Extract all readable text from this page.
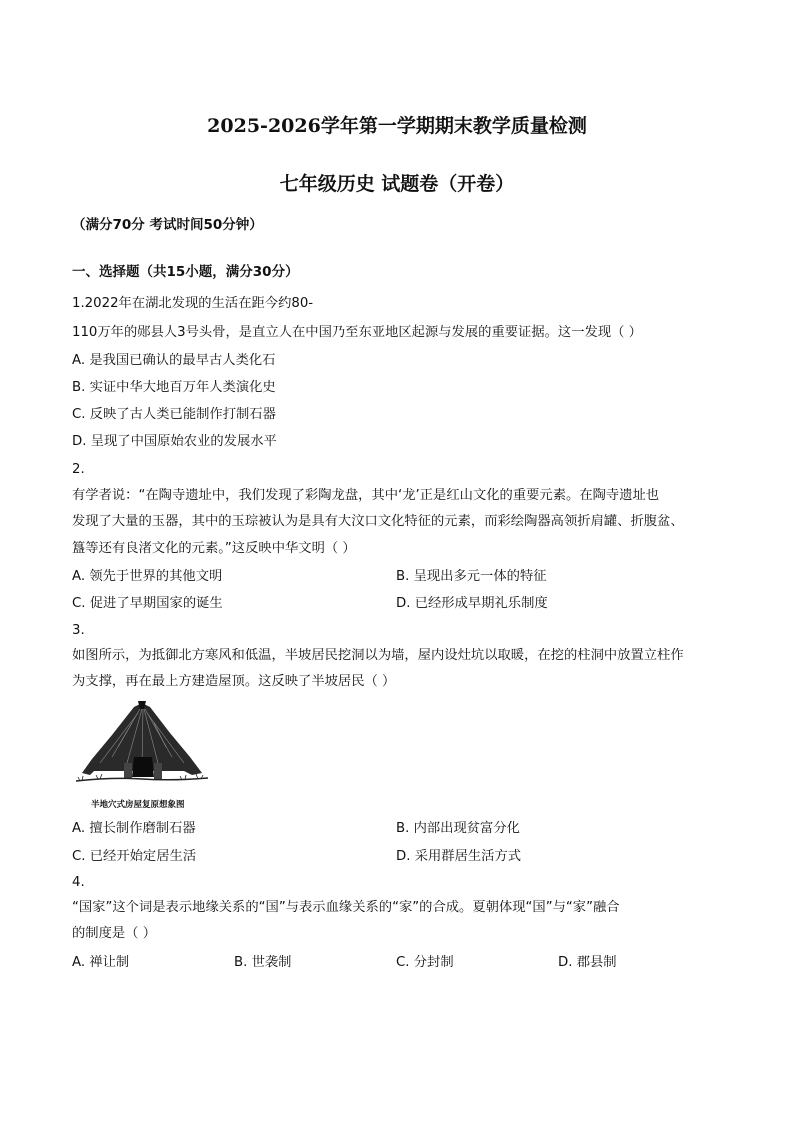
2025-2026学年第一学期期末教学质量检测
七年级历史 试题卷（开卷）
（满分70分 考试时间50分钟）
一、选择题（共15小题，满分30分）
1.2022年在湖北发现的生活在距今约80-
110万年的郧县人3号头骨，是直立人在中国乃至东亚地区起源与发展的重要证据。这一发现（ ）
A. 是我国已确认的最早古人类化石
B. 实证中华大地百万年人类演化史
C. 反映了古人类已能制作打制石器
D. 呈现了中国原始农业的发展水平
2.
有学者说：“在陶寺遗址中，我们发现了彩陶龙盘，其中‘龙’正是红山文化的重要元素。在陶寺遗址也
发现了大量的玉器，其中的玉琮被认为是具有大汶口文化特征的元素，而彩绘陶器高领折肩罐、折腹盆、
簋等还有良渚文化的元素。”这反映中华文明（ ）
A. 领先于世界的其他文明	B. 呈现出多元一体的特征
C. 促进了早期国家的诞生	D. 已经形成早期礼乐制度
3.
如图所示，为抵御北方寒风和低温，半坡居民挖洞以为墙，屋内设灶坑以取暖，在挖的柱洞中放置立柱作
为支撑，再在最上方建造屋顶。这反映了半坡居民（ ）
半地穴式房屋复原想象图
A. 擅长制作磨制石器	B. 内部出现贫富分化
C. 已经开始定居生活	D. 采用群居生活方式
4.
“国家”这个词是表示地缘关系的“国”与表示血缘关系的“家”的合成。夏朝体现“国”与“家”融合
的制度是（ ）
A. 禅让制	B. 世袭制	C. 分封制	D. 郡县制
